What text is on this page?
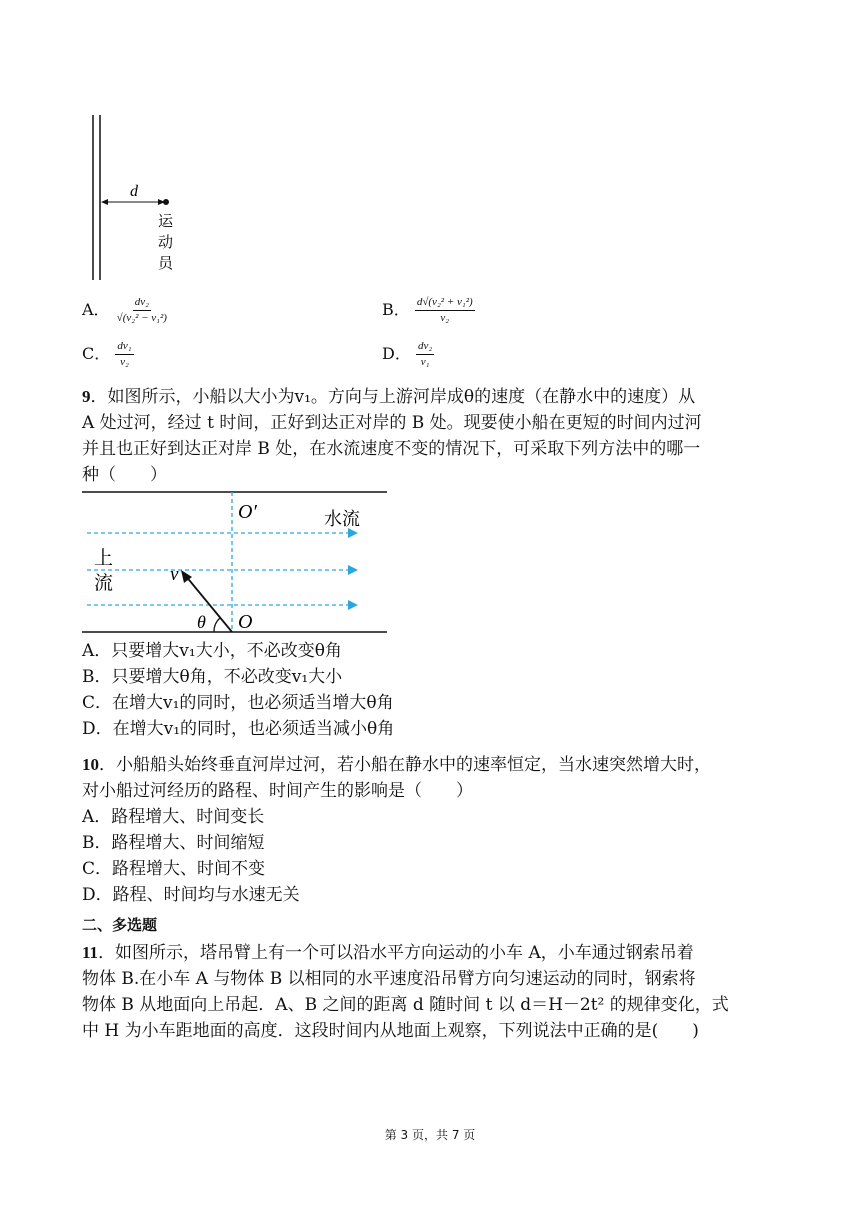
d
运
动
员
A． $\frac{\text{dv₂}}{\text{√(v₂² − v₁²)}}$	B． $\frac{\text{d√(v₂² + v₁²)}}{\text{v₂}}$
C． $\frac{\text{dv₁}}{\text{v₂}}$	D． $\frac{\text{dv₂}}{\text{v₁}}$
9．如图所示，小船以大小为v₁。方向与上游河岸成θ的速度（在静水中的速度）从
A 处过河，经过 t 时间，正好到达正对岸的 B 处。现要使小船在更短的时间内过河
并且也正好到达正对岸 B 处，在水流速度不变的情况下，可采取下列方法中的哪一
种（　　）
O′	水流
上
流	v
θ O
A．只要增大v₁大小，不必改变θ角
B．只要增大θ角，不必改变v₁大小
C．在增大v₁的同时，也必须适当增大θ角
D．在增大v₁的同时，也必须适当减小θ角
10．小船船头始终垂直河岸过河，若小船在静水中的速率恒定，当水速突然增大时，
对小船过河经历的路程、时间产生的影响是（　　）
A．路程增大、时间变长
B．路程增大、时间缩短
C．路程增大、时间不变
D．路程、时间均与水速无关
二、多选题
11．如图所示，塔吊臂上有一个可以沿水平方向运动的小车 A，小车通过钢索吊着
物体 B.在小车 A 与物体 B 以相同的水平速度沿吊臂方向匀速运动的同时，钢索将
物体 B 从地面向上吊起．A、B 之间的距离 d 随时间 t 以 d＝H－2t² 的规律变化，式
中 H 为小车距地面的高度．这段时间内从地面上观察，下列说法中正确的是(　　)
第 3 页，共 7 页
